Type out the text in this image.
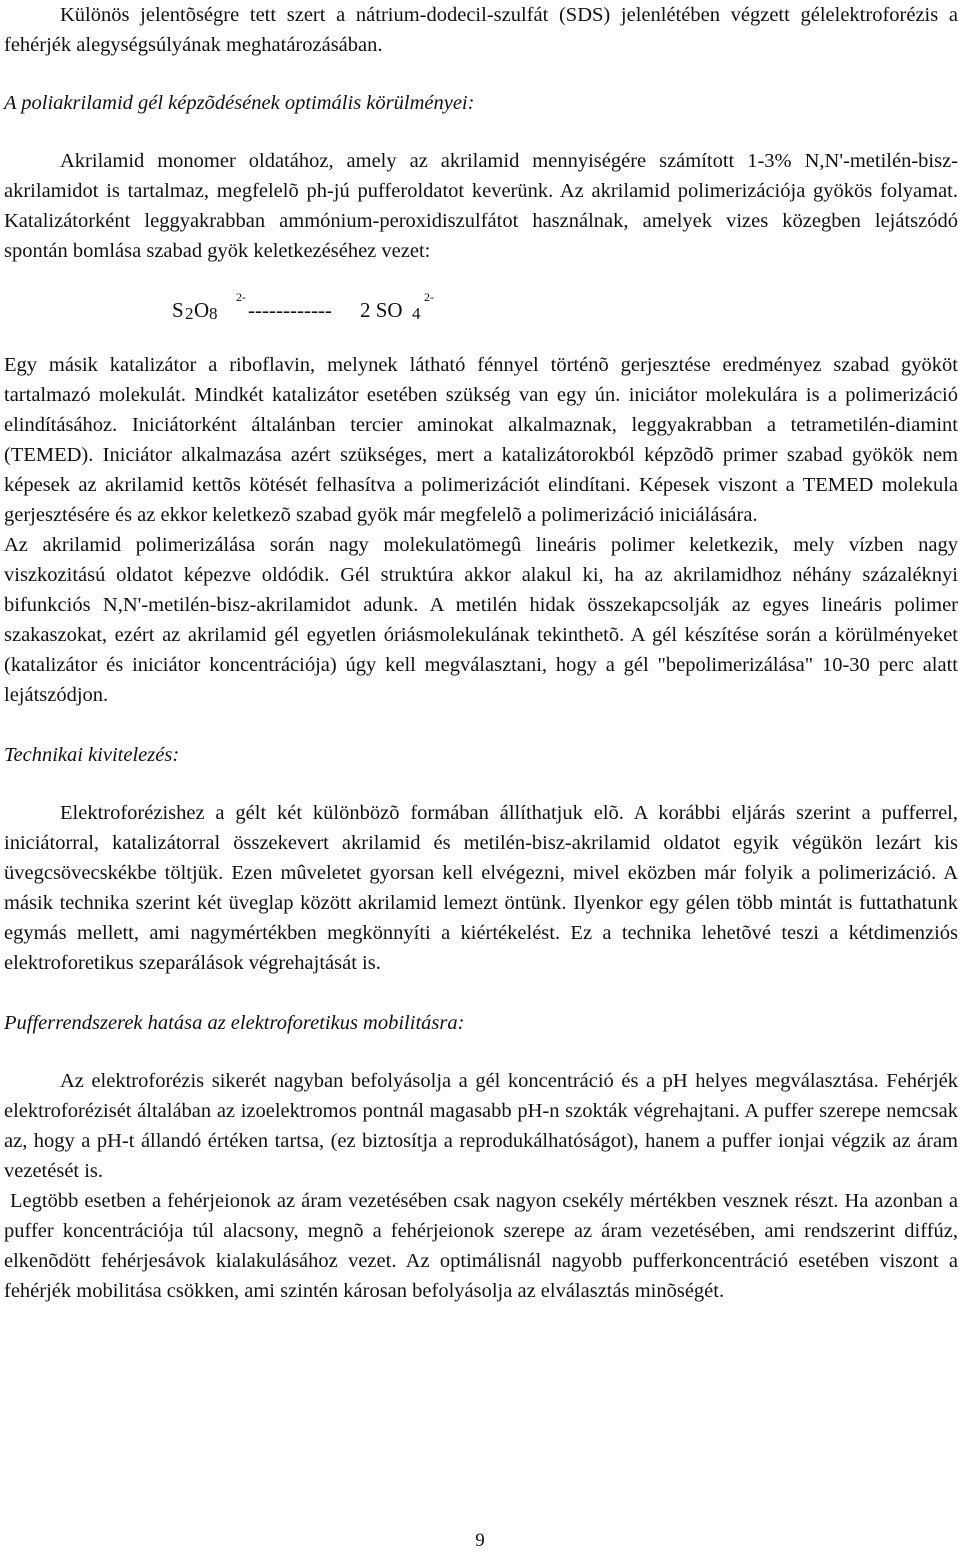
Különös jelentõségre tett szert a nátrium-dodecil-szulfát (SDS) jelenlétében végzett gélelektroforézis a fehérjék alegységsúlyának meghatározásában.

A poliakrilamid gél képzõdésének optimális körülményei:

Akrilamid monomer oldatához, amely az akrilamid mennyiségére számított 1-3% N,N'-metilén-bisz-akrilamidot is tartalmaz, megfelelõ ph-jú pufferoldatot keverünk. Az akrilamid polimerizációja gyökös folyamat. Katalizátorként leggyakrabban ammónium-peroxidiszulfátot használnak, amelyek vizes közegben lejátszódó spontán bomlása szabad gyök keletkezéséhez vezet:

S 2 O 8
2-
------------ 2 SO 4
2-

Egy másik katalizátor a riboflavin, melynek látható fénnyel történõ gerjesztése eredményez szabad gyököt tartalmazó molekulát. Mindkét katalizátor esetében szükség van egy ún. iniciátor molekulára is a polimerizáció elindításához. Iniciátorként általánban tercier aminokat alkalmaznak, leggyakrabban a tetrametilén-diamint (TEMED). Iniciátor alkalmazása azért szükséges, mert a katalizátorokból képzõdõ primer szabad gyökök nem képesek az akrilamid kettõs kötését felhasítva a polimerizációt elindítani. Képesek viszont a TEMED molekula gerjesztésére és az ekkor keletkezõ szabad gyök már megfelelõ a polimerizáció iniciálására.

Az akrilamid polimerizálása során nagy molekulatömegû lineáris polimer keletkezik, mely vízben nagy viszkozitású oldatot képezve oldódik. Gél struktúra akkor alakul ki, ha az akrilamidhoz néhány százaléknyi bifunkciós N,N'-metilén-bisz-akrilamidot adunk. A metilén hidak összekapcsolják az egyes lineáris polimer szakaszokat, ezért az akrilamid gél egyetlen óriásmolekulának tekinthetõ. A gél készítése során a körülményeket (katalizátor és iniciátor koncentrációja) úgy kell megválasztani, hogy a gél "bepolimerizálása" 10-30 perc alatt lejátszódjon.

Technikai kivitelezés:

Elektroforézishez a gélt két különbözõ formában állíthatjuk elõ. A korábbi eljárás szerint a pufferrel, iniciátorral, katalizátorral összekevert akrilamid és metilén-bisz-akrilamid oldatot egyik végükön lezárt kis üvegcsövecskékbe töltjük. Ezen mûveletet gyorsan kell elvégezni, mivel eközben már folyik a polimerizáció. A másik technika szerint két üveglap között akrilamid lemezt öntünk. Ilyenkor egy gélen több mintát is futtathatunk egymás mellett, ami nagymértékben megkönnyíti a kiértékelést. Ez a technika lehetõvé teszi a kétdimenziós elektroforetikus szeparálások végrehajtását is.

Pufferrendszerek hatása az elektroforetikus mobilitásra:

Az elektroforézis sikerét nagyban befolyásolja a gél koncentráció és a pH helyes megválasztása. Fehérjék elektroforézisét általában az izoelektromos pontnál magasabb pH-n szokták végrehajtani. A puffer szerepe nemcsak az, hogy a pH-t állandó értéken tartsa, (ez biztosítja a reprodukálhatóságot), hanem a puffer ionjai végzik az áram vezetését is.

Legtöbb esetben a fehérjeionok az áram vezetésében csak nagyon csekély mértékben vesznek részt. Ha azonban a puffer koncentrációja túl alacsony, megnõ a fehérjeionok szerepe az áram vezetésében, ami rendszerint diffúz, elkenõdött fehérjesávok kialakulásához vezet. Az optimálisnál nagyobb pufferkoncentráció esetében viszont a fehérjék mobilitása csökken, ami szintén károsan befolyásolja az elválasztás minõségét.

9
